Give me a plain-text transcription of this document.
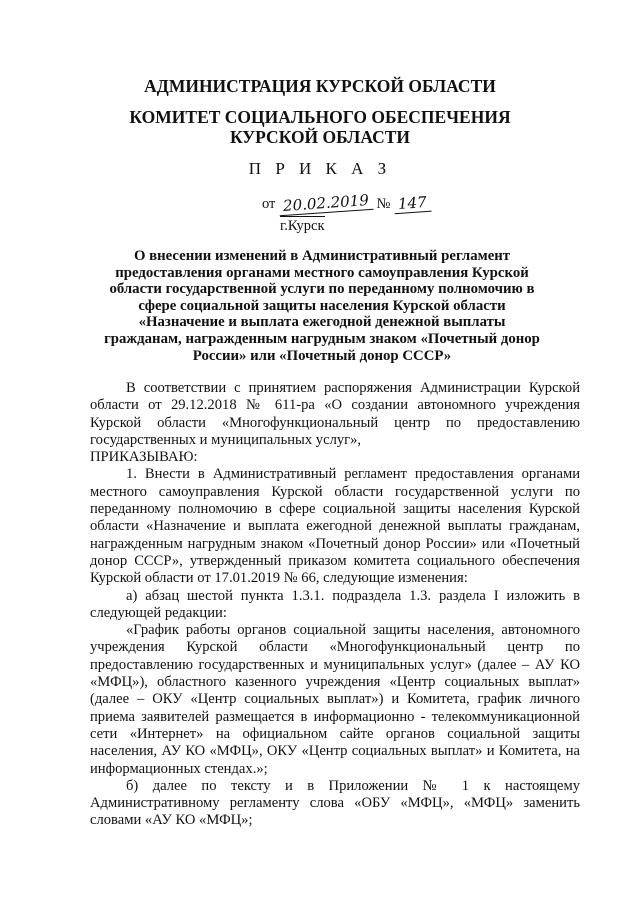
АДМИНИСТРАЦИЯ КУРСКОЙ ОБЛАСТИ
КОМИТЕТ СОЦИАЛЬНОГО ОБЕСПЕЧЕНИЯ
КУРСКОЙ ОБЛАСТИ
П Р И К А З
от 20.02.2019 № 147
г.Курск
О внесении изменений в Административный регламент предоставления органами местного самоуправления Курской области государственной услуги по переданному полномочию в сфере социальной защиты населения Курской области «Назначение и выплата ежегодной денежной выплаты гражданам, награжденным нагрудным знаком «Почетный донор России» или «Почетный донор СССР»

В соответствии с принятием распоряжения Администрации Курской области от 29.12.2018 № 611-ра «О создании автономного учреждения Курской области «Многофункциональный центр по предоставлению государственных и муниципальных услуг»,

ПРИКАЗЫВАЮ:

1. Внести в Административный регламент предоставления органами местного самоуправления Курской области государственной услуги по переданному полномочию в сфере социальной защиты населения Курской области «Назначение и выплата ежегодной денежной выплаты гражданам, награжденным нагрудным знаком «Почетный донор России» или «Почетный донор СССР», утвержденный приказом комитета социального обеспечения Курской области от 17.01.2019 № 66, следующие изменения:

а) абзац шестой пункта 1.3.1. подраздела 1.3. раздела I изложить в следующей редакции:

«График работы органов социальной защиты населения, автономного учреждения Курской области «Многофункциональный центр по предоставлению государственных и муниципальных услуг» (далее – АУ КО «МФЦ»), областного казенного учреждения «Центр социальных выплат» (далее – ОКУ «Центр социальных выплат») и Комитета, график личного приема заявителей размещается в информационно - телекоммуникационной сети «Интернет» на официальном сайте органов социальной защиты населения, АУ КО «МФЦ», ОКУ «Центр социальных выплат» и Комитета, на информационных стендах.»;

б) далее по тексту и в Приложении № 1 к настоящему Административному регламенту слова «ОБУ «МФЦ», «МФЦ» заменить словами «АУ КО «МФЦ»;
